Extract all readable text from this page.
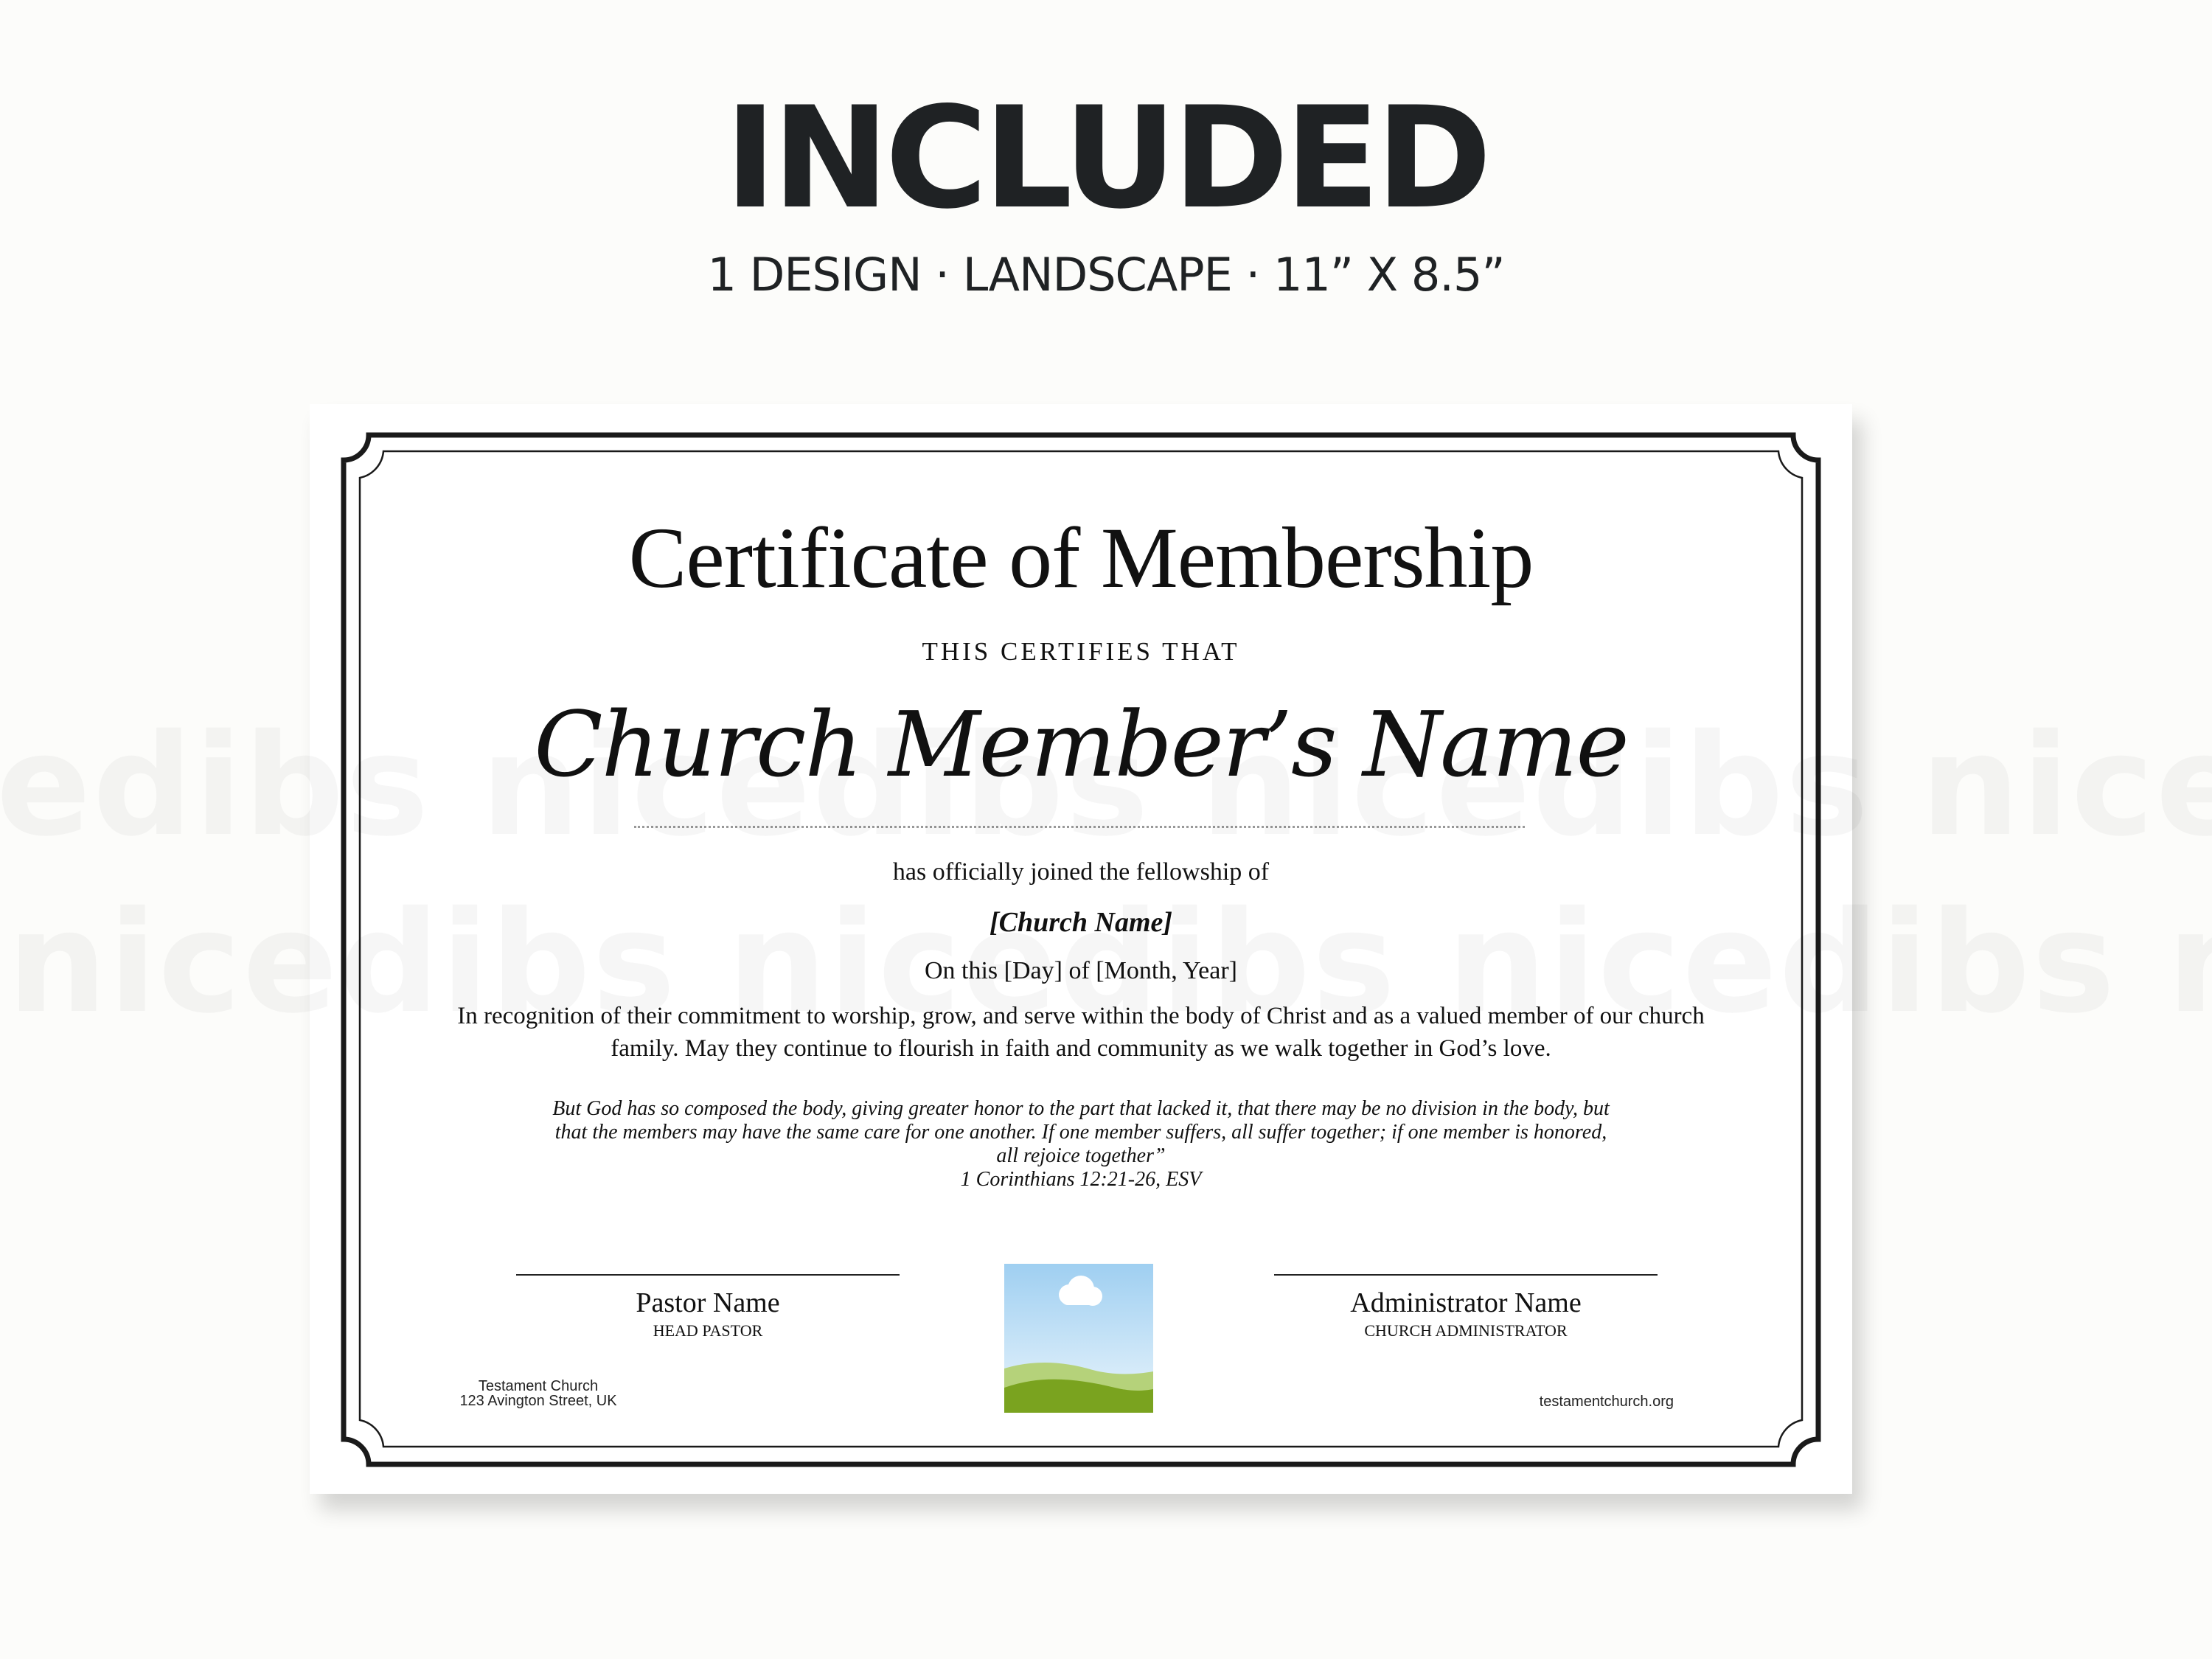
INCLUDED
1 DESIGN · LANDSCAPE · 11” X 8.5”
Certificate of Membership
THIS CERTIFIES THAT
Church Member’s Name
has officially joined the fellowship of
[Church Name]
On this [Day] of [Month, Year]
In recognition of their commitment to worship, grow, and serve within the body of Christ and as a valued member of our church family. May they continue to flourish in faith and community as we walk together in God’s love.
But God has so composed the body, giving greater honor to the part that lacked it, that there may be no division in the body, but that the members may have the same care for one another. If one member suffers, all suffer together; if one member is honored, all rejoice together”
1 Corinthians 12:21-26, ESV
Pastor Name
HEAD PASTOR
Administrator Name
CHURCH ADMINISTRATOR
Testament Church
123 Avington Street, UK	testamentchurch.org
